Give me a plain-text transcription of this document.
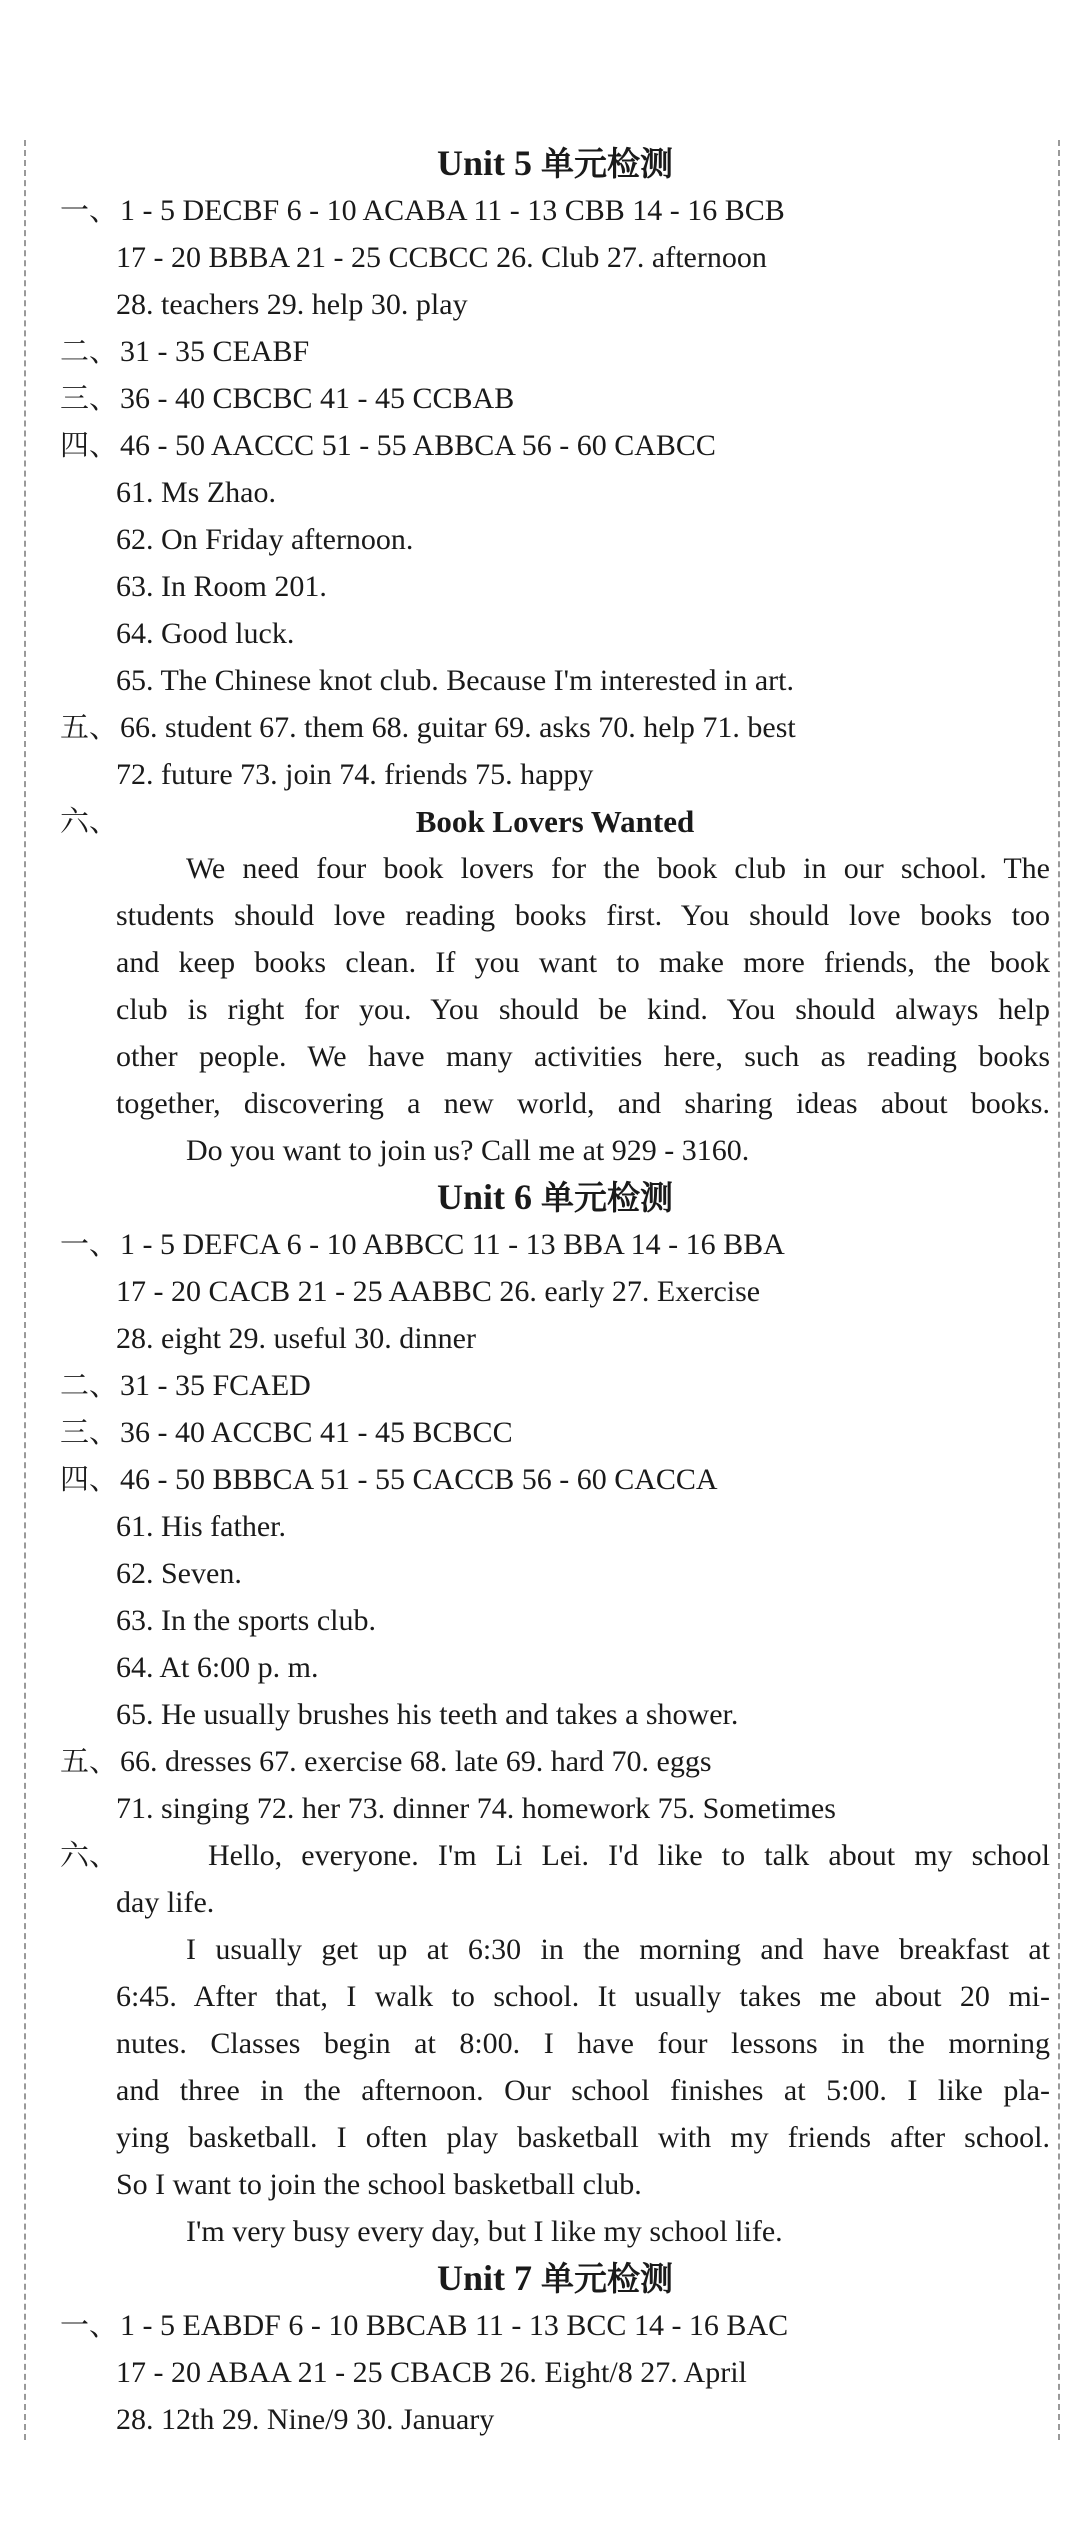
Unit 5 单元检测
一、 1 - 5 DECBF 6 - 10 ACABA 11 - 13 CBB 14 - 16 BCB
17 - 20 BBBA 21 - 25 CCBCC 26. Club 27. afternoon
28. teachers 29. help 30. play
二、 31 - 35 CEABF
三、 36 - 40 CBCBC 41 - 45 CCBAB
四、 46 - 50 AACCC 51 - 55 ABBCA 56 - 60 CABCC
61. Ms Zhao.
62. On Friday afternoon.
63. In Room 201.
64. Good luck.
65. The Chinese knot club. Because I'm interested in art.
五、 66. student 67. them 68. guitar 69. asks 70. help 71. best
72. future 73. join 74. friends 75. happy
六、	Book Lovers Wanted

We need four book lovers for the book club in our school. The

students should love reading books first. You should love books too

and keep books clean. If you want to make more friends, the book

club is right for you. You should be kind. You should always help

other people. We have many activities here, such as reading books

together, discovering a new world, and sharing ideas about books.

Do you want to join us? Call me at 929 - 3160.

Unit 6 单元检测
一、 1 - 5 DEFCA 6 - 10 ABBCC 11 - 13 BBA 14 - 16 BBA
17 - 20 CACB 21 - 25 AABBC 26. early 27. Exercise
28. eight 29. useful 30. dinner
二、 31 - 35 FCAED
三、 36 - 40 ACCBC 41 - 45 BCBCC
四、 46 - 50 BBBCA 51 - 55 CACCB 56 - 60 CACCA
61. His father.
62. Seven.
63. In the sports club.
64. At 6:00 p. m.
65. He usually brushes his teeth and takes a shower.
五、 66. dresses 67. exercise 68. late 69. hard 70. eggs
71. singing 72. her 73. dinner 74. homework 75. Sometimes
六、	Hello, everyone. I'm Li Lei. I'd like to talk about my school
day life.

I usually get up at 6:30 in the morning and have breakfast at

6:45. After that, I walk to school. It usually takes me about 20 mi-

nutes. Classes begin at 8:00. I have four lessons in the morning

and three in the afternoon. Our school finishes at 5:00. I like pla-

ying basketball. I often play basketball with my friends after school.

So I want to join the school basketball club.

I'm very busy every day, but I like my school life.

Unit 7 单元检测
一、 1 - 5 EABDF 6 - 10 BBCAB 11 - 13 BCC 14 - 16 BAC
17 - 20 ABAA 21 - 25 CBACB 26. Eight/8 27. April
28. 12th 29. Nine/9 30. January
